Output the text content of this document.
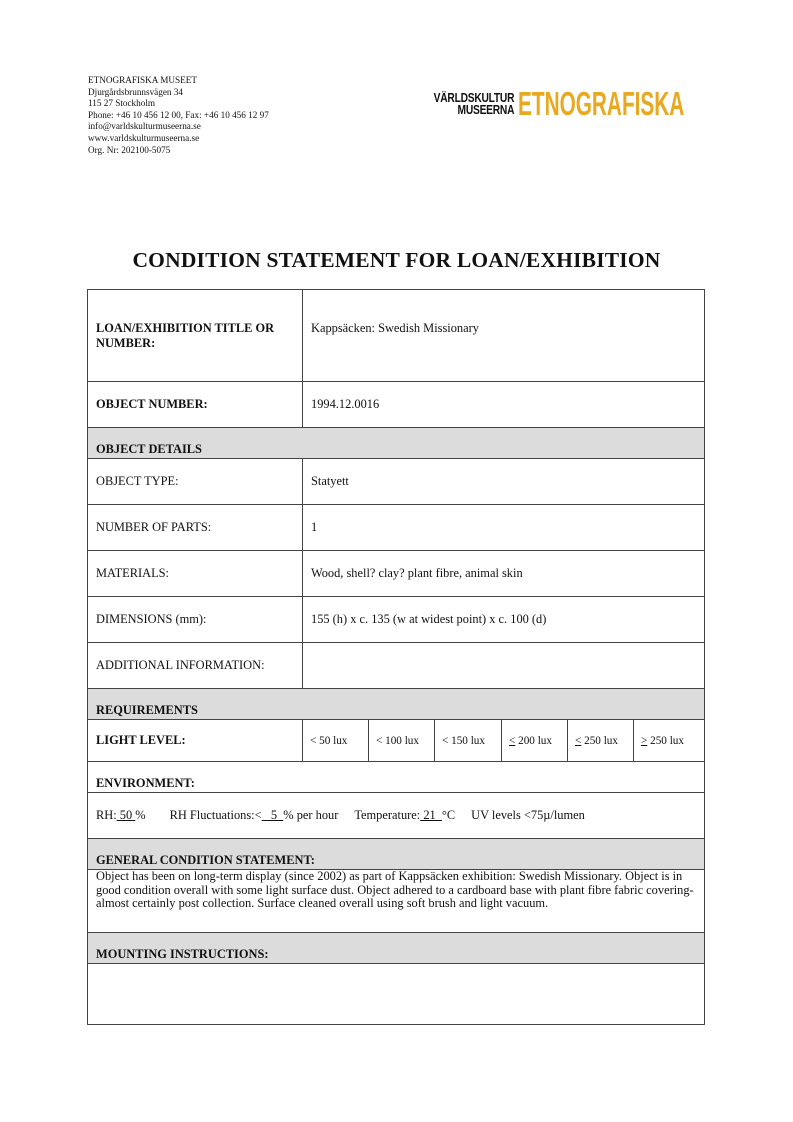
ETNOGRAFISKA MUSEET
Djurgårdsbrunnsvägen 34
115 27 Stockholm
Phone: +46 10 456 12 00, Fax: +46 10 456 12 97
info@varldskulturmuseerna.se
www.varldskulturmuseerna.se
Org. Nr: 202100-5075
VÄRLDSKULTUR
MUSEERNA ETNOGRAFISKA
CONDITION STATEMENT FOR LOAN/EXHIBITION
LOAN/EXHIBITION TITLE OR NUMBER:
Kappsäcken: Swedish Missionary
OBJECT NUMBER:	1994.12.0016
OBJECT DETAILS
OBJECT TYPE:	Statyett
NUMBER OF PARTS:	1
MATERIALS:	Wood, shell? clay? plant fibre, animal skin
DIMENSIONS (mm):	155 (h) x c. 135 (w at widest point) x c. 100 (d)
ADDITIONAL INFORMATION:
REQUIREMENTS
LIGHT LEVEL:	< 50 lux	< 100 lux < 150 lux ≤ 200 lux ≤ 250 lux ≥ 250 lux
ENVIRONMENT:
RH: 50 % RH Fluctuations:< 5 % per hour Temperature: 21 °C UV levels <75µ/lumen
GENERAL CONDITION STATEMENT:
Object has been on long-term display (since 2002) as part of Kappsäcken exhibition: Swedish Missionary. Object is in good condition overall with some light surface dust. Object adhered to a cardboard base with plant fibre fabric covering- almost certainly post collection. Surface cleaned overall using soft brush and light vacuum.
MOUNTING INSTRUCTIONS:
